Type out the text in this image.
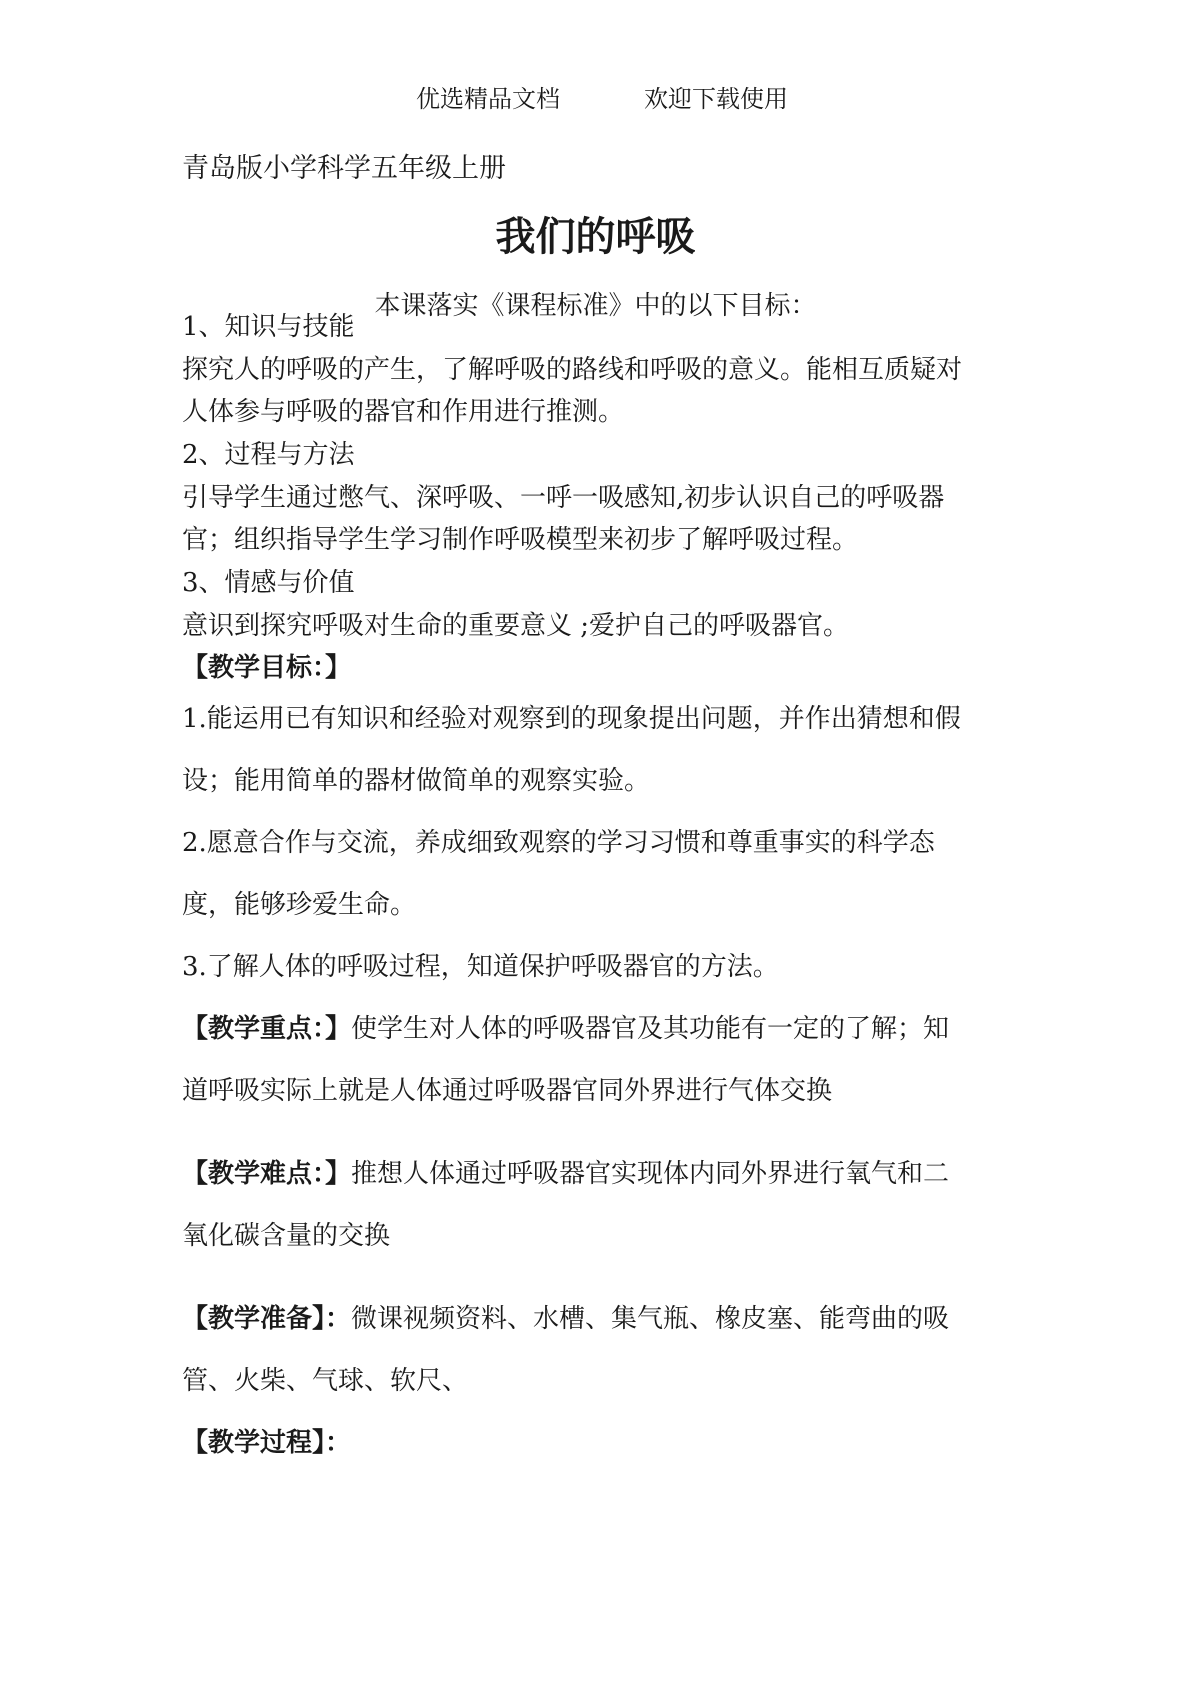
优选精品文档	欢迎下载使用
青岛版小学科学五年级上册
我们的呼吸
本课落实《课程标准》中的以下目标：
1、知识与技能
探究人的呼吸的产生，了解呼吸的路线和呼吸的意义。能相互质疑对
人体参与呼吸的器官和作用进行推测。
2、过程与方法
引导学生通过憋气、深呼吸、一呼一吸感知,初步认识自己的呼吸器
官；组织指导学生学习制作呼吸模型来初步了解呼吸过程。
3、情感与价值
意识到探究呼吸对生命的重要意义 ;爱护自己的呼吸器官。
【教学目标：】
1.能运用已有知识和经验对观察到的现象提出问题，并作出猜想和假
设；能用简单的器材做简单的观察实验。
2.愿意合作与交流，养成细致观察的学习习惯和尊重事实的科学态
度，能够珍爱生命。
3.了解人体的呼吸过程，知道保护呼吸器官的方法。
【教学重点：】使学生对人体的呼吸器官及其功能有一定的了解；知
道呼吸实际上就是人体通过呼吸器官同外界进行气体交换
【教学难点：】推想人体通过呼吸器官实现体内同外界进行氧气和二
氧化碳含量的交换
【教学准备】：微课视频资料、水槽、集气瓶、橡皮塞、能弯曲的吸
管、火柴、气球、软尺、
【教学过程】：
